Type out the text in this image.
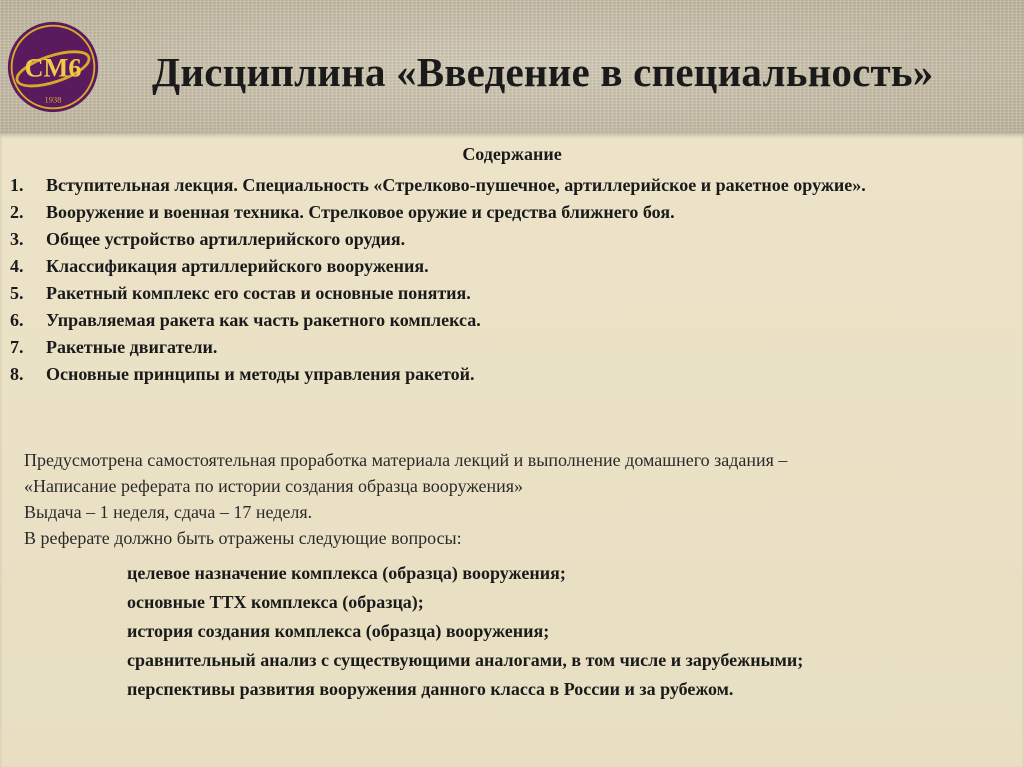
СМ6
1938
Дисциплина «Введение в специальность»
Содержание
1. Вступительная лекция. Специальность «Стрелково-пушечное, артиллерийское и ракетное оружие».
2. Вооружение и военная техника. Стрелковое оружие и средства ближнего боя.
3. Общее устройство артиллерийского орудия.
4. Классификация артиллерийского вооружения.
5. Ракетный комплекс его состав и основные понятия.
6. Управляемая ракета как часть ракетного комплекса.
7. Ракетные двигатели.
8. Основные принципы и методы управления ракетой.

Предусмотрена самостоятельная проработка материала лекций и выполнение домашнего задания –

«Написание реферата по истории создания образца вооружения»

Выдача – 1 неделя, сдача – 17 неделя.

В реферате должно быть отражены следующие вопросы:

целевое назначение комплекса (образца) вооружения;
основные ТТХ комплекса (образца);
история создания комплекса (образца) вооружения;
сравнительный анализ с существующими аналогами, в том числе и зарубежными;
перспективы развития вооружения данного класса в России и за рубежом.
